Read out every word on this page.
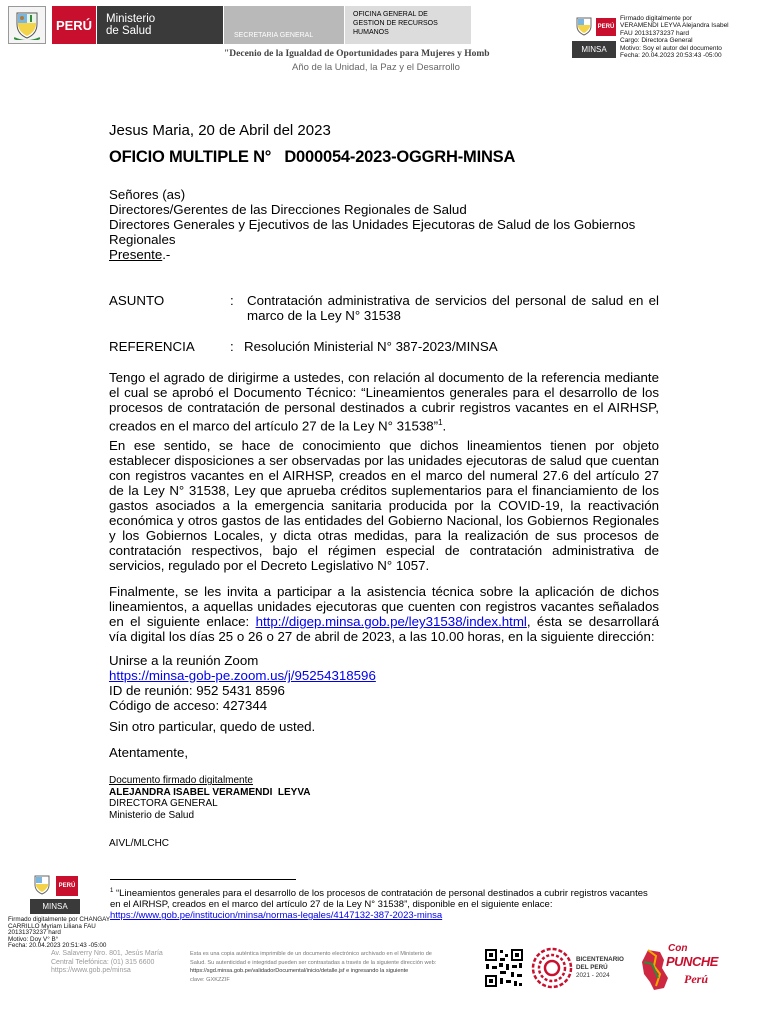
PERÚ	Ministerio
de Salud	SECRETARIA GENERAL
OFICINA GENERAL DE
GESTION DE RECURSOS
HUMANOS
"Decenio de la Igualdad de Oportunidades para Mujeres y Homb
Año de la Unidad, la Paz y el Desarrollo
PERÚ
MINSA
Firmado digitalmente por
VERAMENDI LEYVA Alejandra Isabel
FAU 20131373237 hard
Cargo: Directora General
Motivo: Soy el autor del documento
Fecha: 20.04.2023 20:53:43 -05:00
Jesus Maria, 20 de Abril del 2023
OFICIO MULTIPLE N°   D000054-2023-OGGRH-MINSA
Señores (as)
Directores/Gerentes de las Direcciones Regionales de Salud
Directores Generales y Ejecutivos de las Unidades Ejecutoras de Salud de los Gobiernos
Regionales
Presente.-
ASUNTO	: Contratación administrativa de servicios del personal de salud en el marco de la Ley N° 31538
REFERENCIA	: Resolución Ministerial N° 387-2023/MINSA
Tengo el agrado de dirigirme a ustedes, con relación al documento de la referencia mediante el cual se aprobó el Documento Técnico: “Lineamientos generales para el desarrollo de los procesos de contratación de personal destinados a cubrir registros vacantes en el AIRHSP, creados en el marco del artículo 27 de la Ley N° 31538”$^1$.
En ese sentido, se hace de conocimiento que dichos lineamientos tienen por objeto establecer disposiciones a ser observadas por las unidades ejecutoras de salud que cuentan con registros vacantes en el AIRHSP, creados en el marco del numeral 27.6 del artículo 27 de la Ley N° 31538, Ley que aprueba créditos suplementarios para el financiamiento de los gastos asociados a la emergencia sanitaria producida por la COVID-19, la reactivación económica y otros gastos de las entidades del Gobierno Nacional, los Gobiernos Regionales y los Gobiernos Locales, y dicta otras medidas, para la realización de sus procesos de contratación respectivos, bajo el régimen especial de contratación administrativa de servicios, regulado por el Decreto Legislativo N° 1057.
Finalmente, se les invita a participar a la asistencia técnica sobre la aplicación de dichos lineamientos, a aquellas unidades ejecutoras que cuenten con registros vacantes señalados en el siguiente enlace: http://digep.minsa.gob.pe/ley31538/index.html, ésta se desarrollará vía digital los días 25 o 26 o 27 de abril de 2023, a las 10.00 horas, en la siguiente dirección:
Unirse a la reunión Zoom
https://minsa-gob-pe.zoom.us/j/95254318596
ID de reunión: 952 5431 8596
Código de acceso: 427344
Sin otro particular, quedo de usted.
Atentamente,
Documento firmado digitalmente
ALEJANDRA ISABEL VERAMENDI  LEYVA
DIRECTORA GENERAL
Ministerio de Salud
AIVL/MLCHC
$^1$ “Lineamientos generales para el desarrollo de los procesos de contratación de personal destinados a cubrir registros vacantes en el AIRHSP, creados en el marco del artículo 27 de la Ley N° 31538”, disponible en el siguiente enlace: https://www.gob.pe/institucion/minsa/normas-legales/4147132-387-2023-minsa
PERÚ
MINSA
Firmado digitalmente por CHANGAY
CARRILLO Myriam Liliana FAU
20131373237 hard
Motivo: Doy V° B°
Fecha: 20.04.2023 20:51:43 -05:00
Av. Salaverry Nro. 801, Jesús María
Central Telefónica: (01) 315 6600
https://www.gob.pe/minsa
Esta es una copia auténtica imprimible de un documento electrónico archivado en el Ministerio de
Salud. Su autenticidad e integridad pueden ser contrastadas a través de la siguiente dirección web:
https://sgd.minsa.gob.pe/validadorDocumental/inicio/detalle.jsf e ingresando la siguiente
clave: GXKZZIF
BICENTENARIO
DEL PERÚ
2021 - 2024
Con
PUNCHE
Perú
